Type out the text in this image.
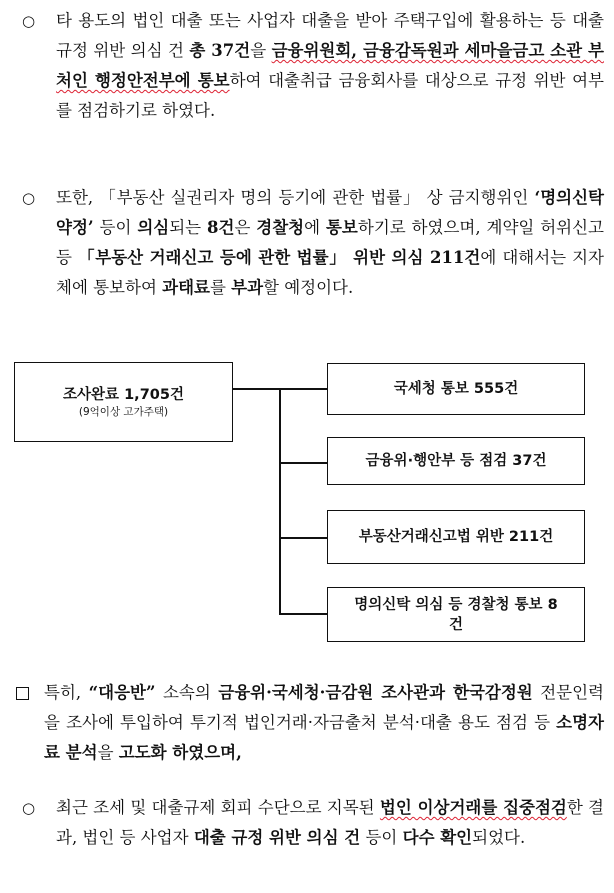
○ 타 용도의 법인 대출 또는 사업자 대출을 받아 주택구입에 활용하는 등 대출규정 위반 의심 건 총 37건을 금융위원회, 금융감독원과 세마을금고 소관 부처인 행정안전부에 통보하여 대출취급 금융회사를 대상으로 규정 위반 여부를 점검하기로 하였다.
○ 또한, 「부동산 실권리자 명의 등기에 관한 법률」 상 금지행위인 ‘명의신탁약정’ 등이 의심되는 8건은 경찰청에 통보하기로 하였으며, 계약일 허위신고 등 「부동산 거래신고 등에 관한 법률」 위반 의심 211건에 대해서는 지자체에 통보하여 과태료를 부과할 예정이다.
조사완료 1,705건
(9억이상 고가주택)
국세청 통보 555건
금융위·행안부 등 점검 37건
부동산거래신고법 위반 211건
명의신탁 의심 등 경찰청 통보 8건
특히, “대응반” 소속의 금융위·국세청·금감원 조사관과 한국감정원 전문인력을 조사에 투입하여 투기적 법인거래·자금출처 분석·대출 용도 점검 등 소명자료 분석을 고도화 하였으며,
○ 최근 조세 및 대출규제 회피 수단으로 지목된 법인 이상거래를 집중점검한 결과, 법인 등 사업자 대출 규정 위반 의심 건 등이 다수 확인되었다.
